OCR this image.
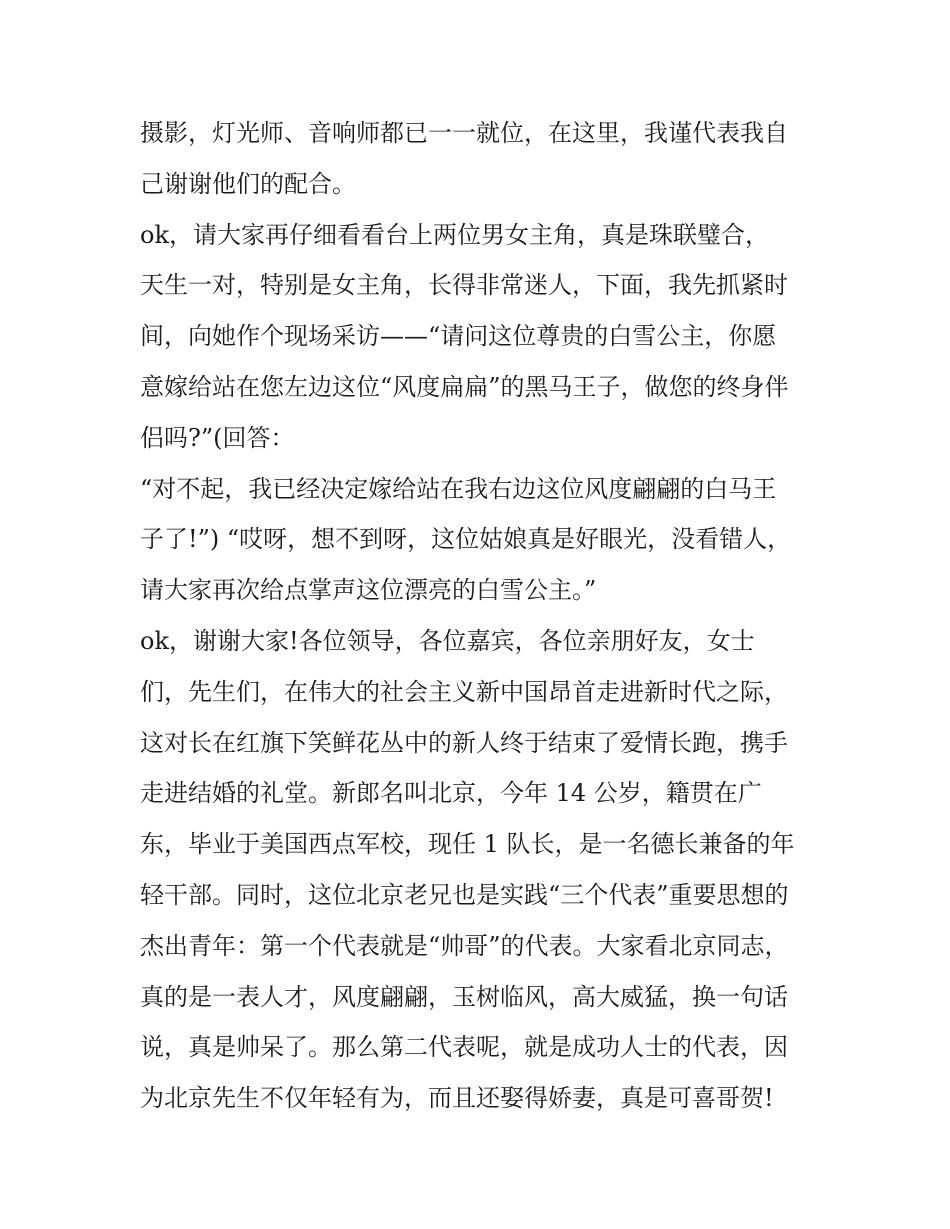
摄影，灯光师、音响师都已一一就位，在这里，我谨代表我自
己谢谢他们的配合。
ok，请大家再仔细看看台上两位男女主角，真是珠联璧合，
天生一对，特别是女主角，长得非常迷人，下面，我先抓紧时
间，向她作个现场采访——“请问这位尊贵的白雪公主，你愿
意嫁给站在您左边这位“风度扁扁”的黑马王子，做您的终身伴
侣吗?”(回答：
“对不起，我已经决定嫁给站在我右边这位风度翩翩的白马王
子了!”) “哎呀，想不到呀，这位姑娘真是好眼光，没看错人，
请大家再次给点掌声这位漂亮的白雪公主。”
ok，谢谢大家!各位领导，各位嘉宾，各位亲朋好友，女士
们，先生们，在伟大的社会主义新中国昂首走进新时代之际，
这对长在红旗下笑鲜花丛中的新人终于结束了爱情长跑，携手
走进结婚的礼堂。新郎名叫北京，今年 14 公岁，籍贯在广
东，毕业于美国西点军校，现任 1 队长，是一名德长兼备的年
轻干部。同时，这位北京老兄也是实践“三个代表”重要思想的
杰出青年：第一个代表就是“帅哥”的代表。大家看北京同志，
真的是一表人才，风度翩翩，玉树临风，高大威猛，换一句话
说，真是帅呆了。那么第二代表呢，就是成功人士的代表，因
为北京先生不仅年轻有为，而且还娶得娇妻，真是可喜哥贺!
